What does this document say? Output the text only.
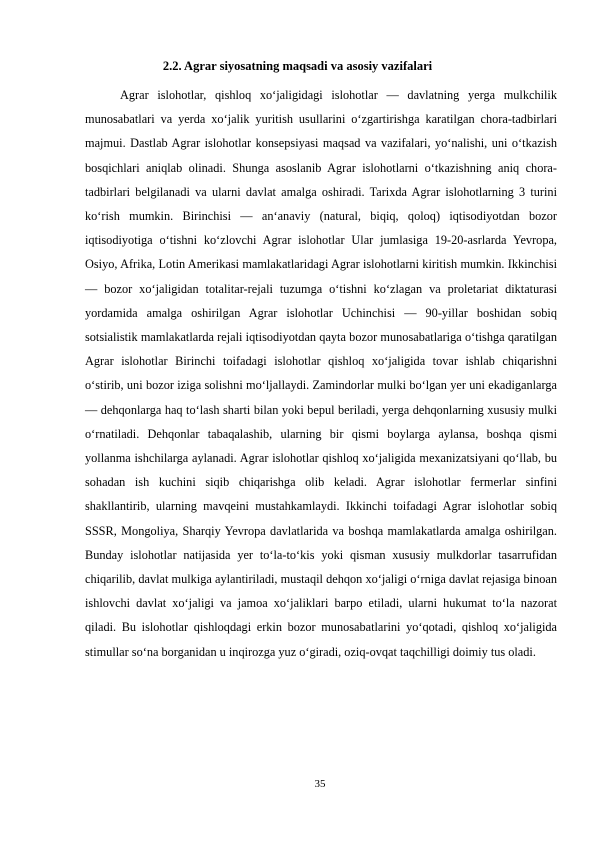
2.2. Agrar siyosatning maqsadi va asosiy vazifalari

Agrar islohotlar, qishloq xoʻjaligidagi islohotlar — davlatning yerga mulkchilik munosabatlari va yerda xoʻjalik yuritish usullarini oʻzgartirishga karatilgan chora-tadbirlari majmui. Dastlab Agrar islohotlar konsepsiyasi maqsad va vazifalari, yoʻnalishi, uni oʻtkazish bosqichlari aniqlab olinadi. Shunga asoslanib Agrar islohotlarni oʻtkazishning aniq chora-tadbirlari belgilanadi va ularni davlat amalga oshiradi. Tarixda Agrar islohotlarning 3 turini koʻrish mumkin. Birinchisi — anʻanaviy (natural, biqiq, qoloq) iqtisodiyotdan bozor iqtisodiyotiga oʻtishni koʻzlovchi Agrar islohotlar Ular jumlasiga 19-20-asrlarda Yevropa, Osiyo, Afrika, Lotin Amerikasi mamlakatlaridagi Agrar islohotlarni kiritish mumkin. Ikkinchisi — bozor xoʻjaligidan totalitar-rejali tuzumga oʻtishni koʻzlagan va proletariat diktaturasi yordamida amalga oshirilgan Agrar islohotlar Uchinchisi — 90-yillar boshidan sobiq sotsialistik mamlakatlarda rejali iqtisodiyotdan qayta bozor munosabatlariga oʻtishga qaratilgan Agrar islohotlar Birinchi toifadagi islohotlar qishloq xoʻjaligida tovar ishlab chiqarishni oʻstirib, uni bozor iziga solishni moʻljallaydi. Zamindorlar mulki boʻlgan yer uni ekadiganlarga — dehqonlarga haq toʻlash sharti bilan yoki bepul beriladi, yerga dehqonlarning xususiy mulki oʻrnatiladi. Dehqonlar tabaqalashib, ularning bir qismi boylarga aylansa, boshqa qismi yollanma ishchilarga aylanadi. Agrar islohotlar qishloq xoʻjaligida mexanizatsiyani qoʻllab, bu sohadan ish kuchini siqib chiqarishga olib keladi. Agrar islohotlar fermerlar sinfini shakllantirib, ularning mavqeini mustahkamlaydi. Ikkinchi toifadagi Agrar islohotlar sobiq SSSR, Mongoliya, Sharqiy Yevropa davlatlarida va boshqa mamlakatlarda amalga oshirilgan. Bunday islohotlar natijasida yer toʻla-toʻkis yoki qisman xususiy mulkdorlar tasarrufidan chiqarilib, davlat mulkiga aylantiriladi, mustaqil dehqon xoʻjaligi oʻrniga davlat rejasiga binoan ishlovchi davlat xoʻjaligi va jamoa xoʻjaliklari barpo etiladi, ularni hukumat toʻla nazorat qiladi. Bu islohotlar qishloqdagi erkin bozor munosabatlarini yoʻqotadi, qishloq xoʻjaligida stimullar soʻna borganidan u inqirozga yuz oʻgiradi, oziq-ovqat taqchilligi doimiy tus oladi.

35
